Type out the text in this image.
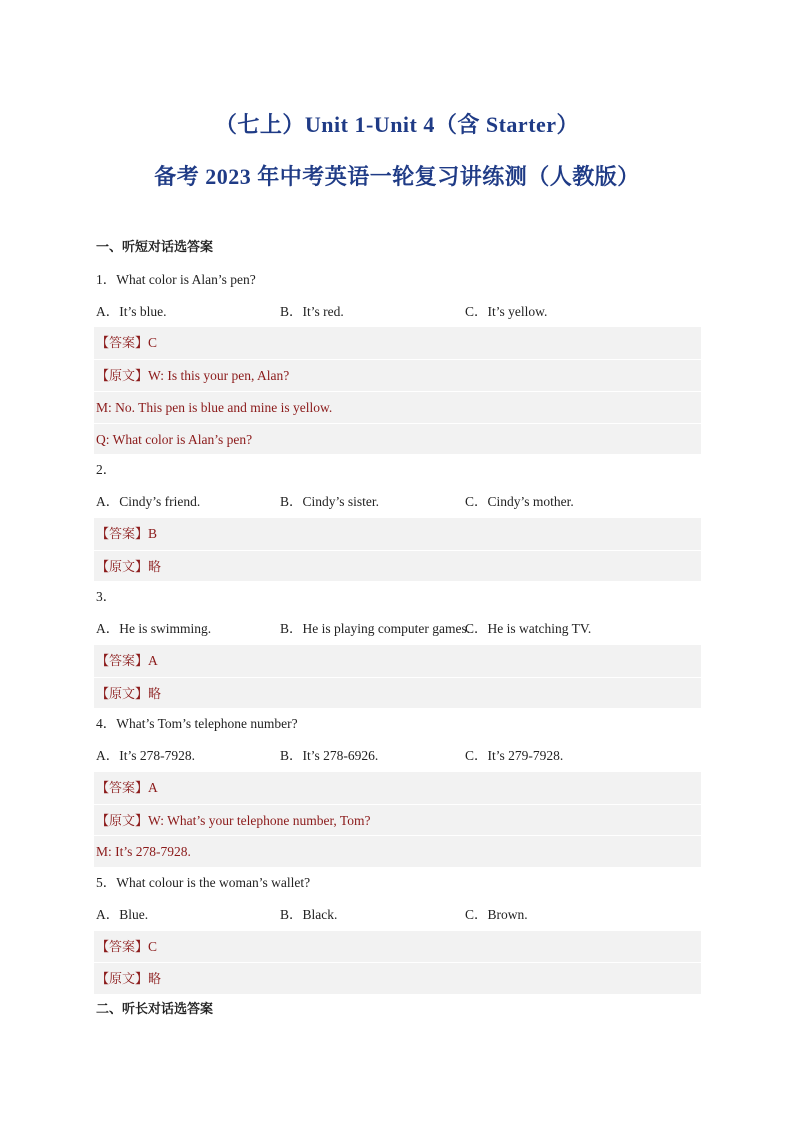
（七上）Unit 1-Unit 4（含 Starter）
备考 2023 年中考英语一轮复习讲练测（人教版）
一、听短对话选答案
1．What color is Alan’s pen?
A．It’s blue.	B．It’s red.	C．It’s yellow.
【答案】C
【原文】W: Is this your pen, Alan?
M: No. This pen is blue and mine is yellow.
Q: What color is Alan’s pen?
2．
A．Cindy’s friend.	B．Cindy’s sister.	C．Cindy’s mother.
【答案】B
【原文】略
3．
A．He is swimming.	B．He is playing computer games.
C．He is watching TV.
【答案】A
【原文】略
4．What’s Tom’s telephone number?
A．It’s 278-7928.	B．It’s 278-6926.	C．It’s 279-7928.
【答案】A
【原文】W: What’s your telephone number, Tom?
M: It’s 278-7928.
5．What colour is the woman’s wallet?
A．Blue.	B．Black.	C．Brown.
【答案】C
【原文】略
二、听长对话选答案
